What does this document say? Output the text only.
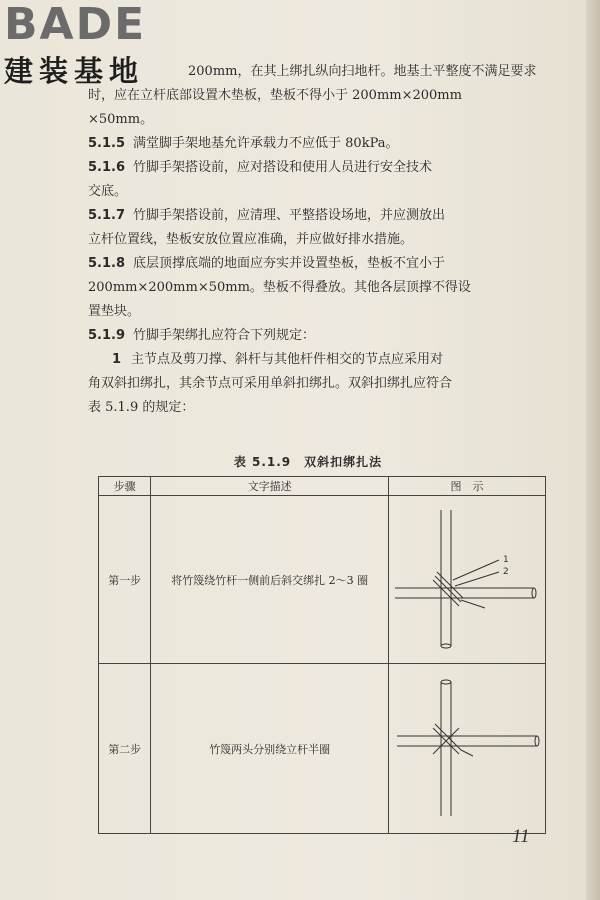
BADE
建装基地	200mm，在其上绑扎纵向扫地杆。地基土平整度不满足要求
时，应在立杆底部设置木垫板，垫板不得小于 200mm×200mm
×50mm。
5.1.5 满堂脚手架地基允许承载力不应低于 80kPa。
5.1.6 竹脚手架搭设前，应对搭设和使用人员进行安全技术
交底。
5.1.7 竹脚手架搭设前，应清理、平整搭设场地，并应测放出
立杆位置线，垫板安放位置应准确，并应做好排水措施。
5.1.8 底层顶撑底端的地面应夯实并设置垫板，垫板不宜小于
200mm×200mm×50mm。垫板不得叠放。其他各层顶撑不得设
置垫块。
5.1.9 竹脚手架绑扎应符合下列规定：
1 主节点及剪刀撑、斜杆与其他杆件相交的节点应采用对
角双斜扣绑扎，其余节点可采用单斜扣绑扎。双斜扣绑扎应符合
表 5.1.9 的规定：
表 5.1.9　双斜扣绑扎法
步骤	文字描述	图　示
第一步	将竹篾绕竹杆一侧前后斜交绑扎 2～3 圈	1
2

第二步	竹篾两头分别绕立杆半圈	
11
